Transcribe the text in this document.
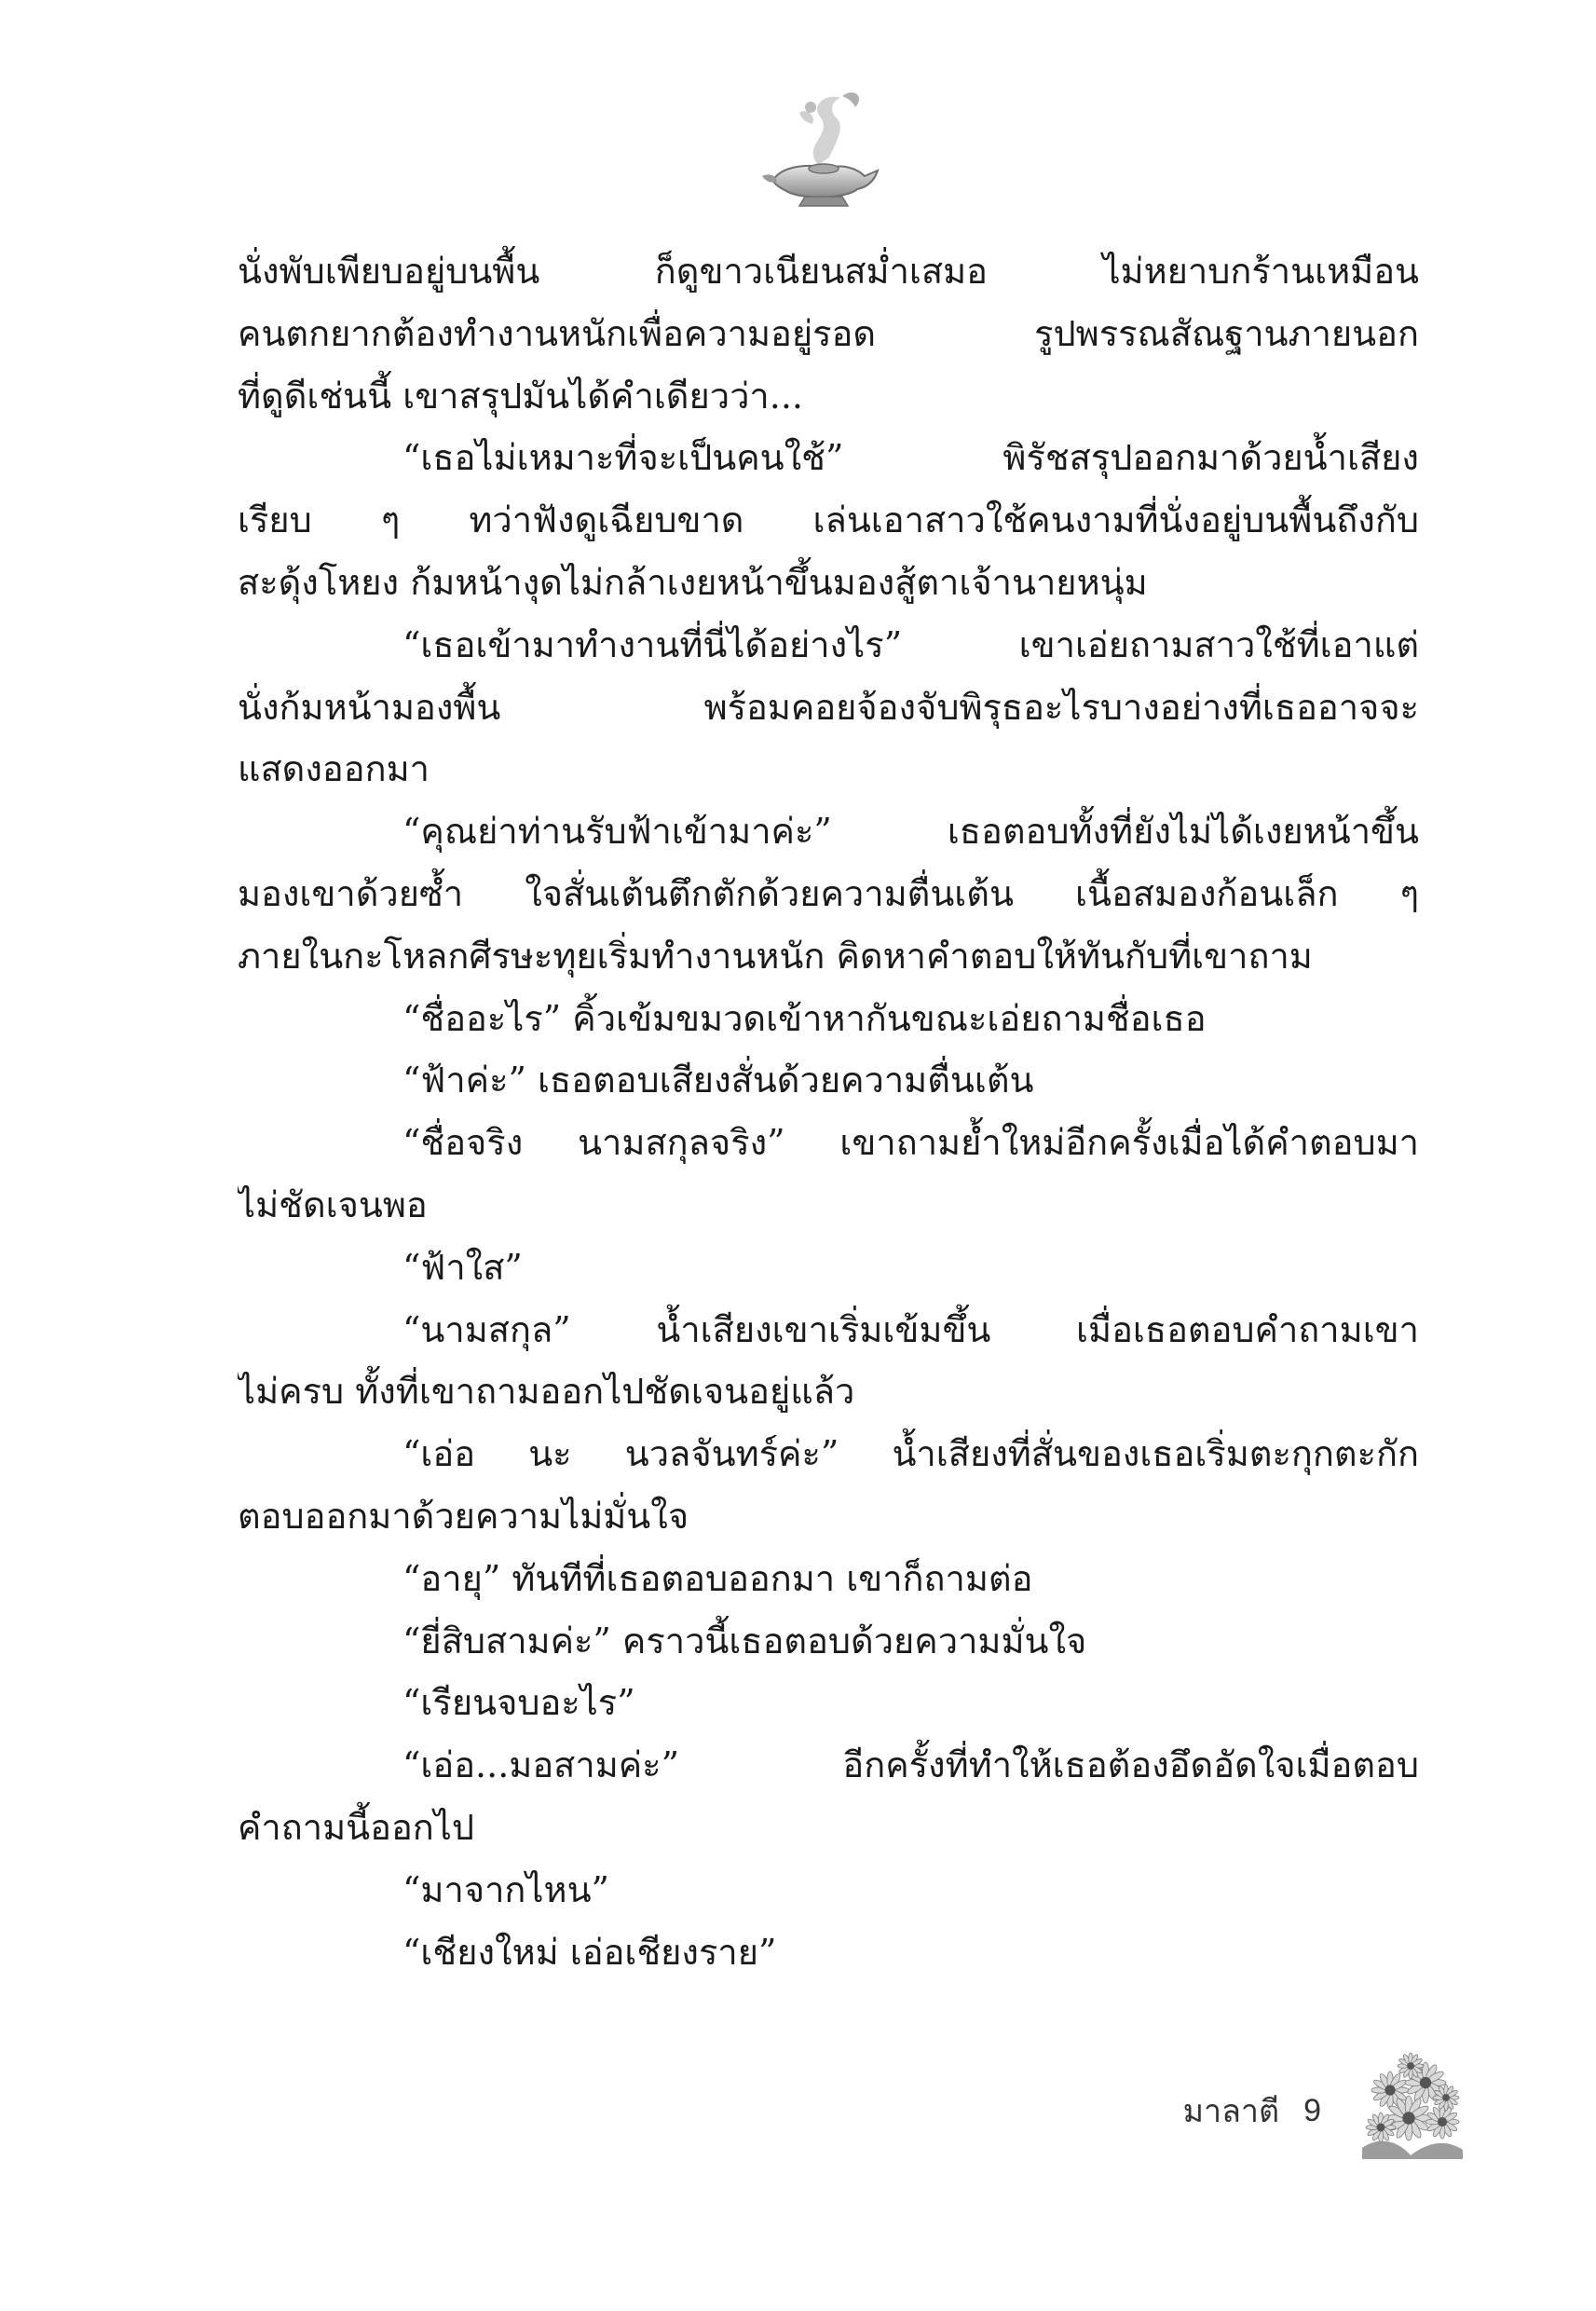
นั่งพับเพียบอยู่บนพื้น ก็ดูขาวเนียนสม่ำเสมอ ไม่หยาบกร้านเหมือน
คนตกยากต้องทำงานหนักเพื่อความอยู่รอด รูปพรรณสัณฐานภายนอก
ที่ดูดีเช่นนี้ เขาสรุปมันได้คำเดียวว่า...
“เธอไม่เหมาะที่จะเป็นคนใช้” พิรัชสรุปออกมาด้วยน้ำเสียง
เรียบ ๆ ทว่าฟังดูเฉียบขาด เล่นเอาสาวใช้คนงามที่นั่งอยู่บนพื้นถึงกับ
สะดุ้งโหยง ก้มหน้างุดไม่กล้าเงยหน้าขึ้นมองสู้ตาเจ้านายหนุ่ม
“เธอเข้ามาทำงานที่นี่ได้อย่างไร” เขาเอ่ยถามสาวใช้ที่เอาแต่
นั่งก้มหน้ามองพื้น พร้อมคอยจ้องจับพิรุธอะไรบางอย่างที่เธออาจจะ
แสดงออกมา
“คุณย่าท่านรับฟ้าเข้ามาค่ะ” เธอตอบทั้งที่ยังไม่ได้เงยหน้าขึ้น
มองเขาด้วยซ้ำ ใจสั่นเต้นตึกตักด้วยความตื่นเต้น เนื้อสมองก้อนเล็ก ๆ
ภายในกะโหลกศีรษะทุยเริ่มทำงานหนัก คิดหาคำตอบให้ทันกับที่เขาถาม
“ชื่ออะไร” คิ้วเข้มขมวดเข้าหากันขณะเอ่ยถามชื่อเธอ
“ฟ้าค่ะ” เธอตอบเสียงสั่นด้วยความตื่นเต้น
“ชื่อจริง นามสกุลจริง” เขาถามย้ำใหม่อีกครั้งเมื่อได้คำตอบมา
ไม่ชัดเจนพอ
“ฟ้าใส”
“นามสกุล” น้ำเสียงเขาเริ่มเข้มขึ้น เมื่อเธอตอบคำถามเขา
ไม่ครบ ทั้งที่เขาถามออกไปชัดเจนอยู่แล้ว
“เอ่อ นะ นวลจันทร์ค่ะ” น้ำเสียงที่สั่นของเธอเริ่มตะกุกตะกัก
ตอบออกมาด้วยความไม่มั่นใจ
“อายุ” ทันทีที่เธอตอบออกมา เขาก็ถามต่อ
“ยี่สิบสามค่ะ” คราวนี้เธอตอบด้วยความมั่นใจ
“เรียนจบอะไร”
“เอ่อ...มอสามค่ะ” อีกครั้งที่ทำให้เธอต้องอึดอัดใจเมื่อตอบ
คำถามนี้ออกไป
“มาจากไหน”
“เชียงใหม่ เอ่อเชียงราย”
มาลาตี 9
